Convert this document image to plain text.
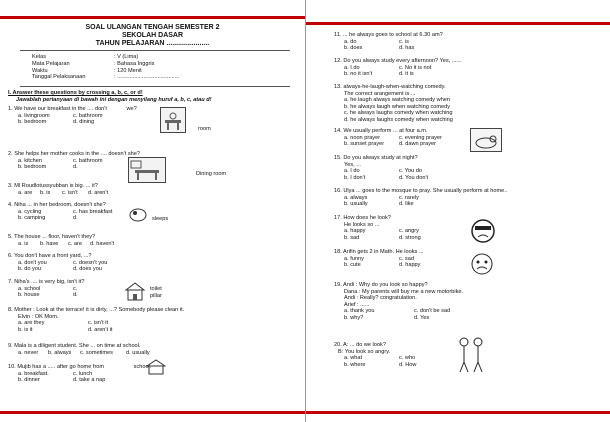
SOAL ULANGAN TENGAH SEMESTER 2
SEKOLAH DASAR
TAHUN PELAJARAN ......................
Kelas	: V (Lima)
Mata Pelajaran	: Bahasa Inggris
Waktu	: 120 Menit
Tanggal Pelaksanaan	: ........................................
I. Answer these questions by crossing a, b, c, or d!
Jawablah pertanyaan di bawah ini dengan menyilang huruf a, b, c, atau d!
1. We have our breakfast in the .... don't	we?
a. livingroom	c. bathroom
b. bedroom	d. dining
room
2. She helps her mother cooks in the .... doesn't she?
a. kitchen	c. bathroom
b. bedroom	d.
Dining room
3. Ml Roudlotussyubban is big. ... it?
a. are	b. is	c. isn't	d. aren't
4. Niha ... in her bedroom, doesn't she?
a. cycling	c. has breakfast
b. camping	d.	sleeps
5. The house ... floor, haven't they?
a. is	b. have	c. are	d. haven't
6. You don't have a front yard, ...?
a. don't you	c. doesn't you
b. do you	d. does you
7. Niha's .... is very big, isn't it?
a. school	c.
b. house	d.
toilet
pillar
8. Mother : Look at the terrace! it is dirty, ...? Somebody please clean it.
Elvin : OK Mom.
a. are they	c. isn't it
b. is it	d. aren't it
9. Mala is a diligent student. She ... on time at school.
a. never	b. always	c. sometimes	d. usually
10. Mujib has a ..... after go home from	school.
a. breakfast.	c. lunch
b. dinner	d. take a nap
11. ... he always goes to school at 6.30 am?
a. do	c. is
b. does	d. has
12. Do you always study every afternoon? Yes, ......
a. I do	c. No it is not
b. no it isn't	d. it is
13. always-he-laugh-when-watching comedy.
The correct arangement is ...
a. he laugh always watching comedy when
b. he always laugh when watching comedy
c. he always laughs comedy when watching
d. he always laughs comedy when watching
14. We usually perform ... at four a.m.
a. noon prayer	c. evening prayer
b. sunset prayer	d. dawn prayer
15. Do you always study at night?
Yes, ...
a. I do	c. You do
b. I don't	d. You don't
16. Ulya ... goes to the mosque to pray. She usually perform at home..
a. always	c. rarely
b. usually	d. like
17. How does he look?
He looks so ...
a. happy	c. angry
b. sad	d. strong
18. Arifin gets 2 in Math. He looks ...
a. funny	c. sad
b. cute	d. happy
19. Andi : Why do you look so happy?
Dana : My parents will buy me a new motorbike.
Andi : Really? congratulation.
Arief : ......
a. thank you	c. don't be sad
b. why?	d. Yes
20. A: ... do we look?
B: You look so angry.
a. what	c. who
b. where	d. How
